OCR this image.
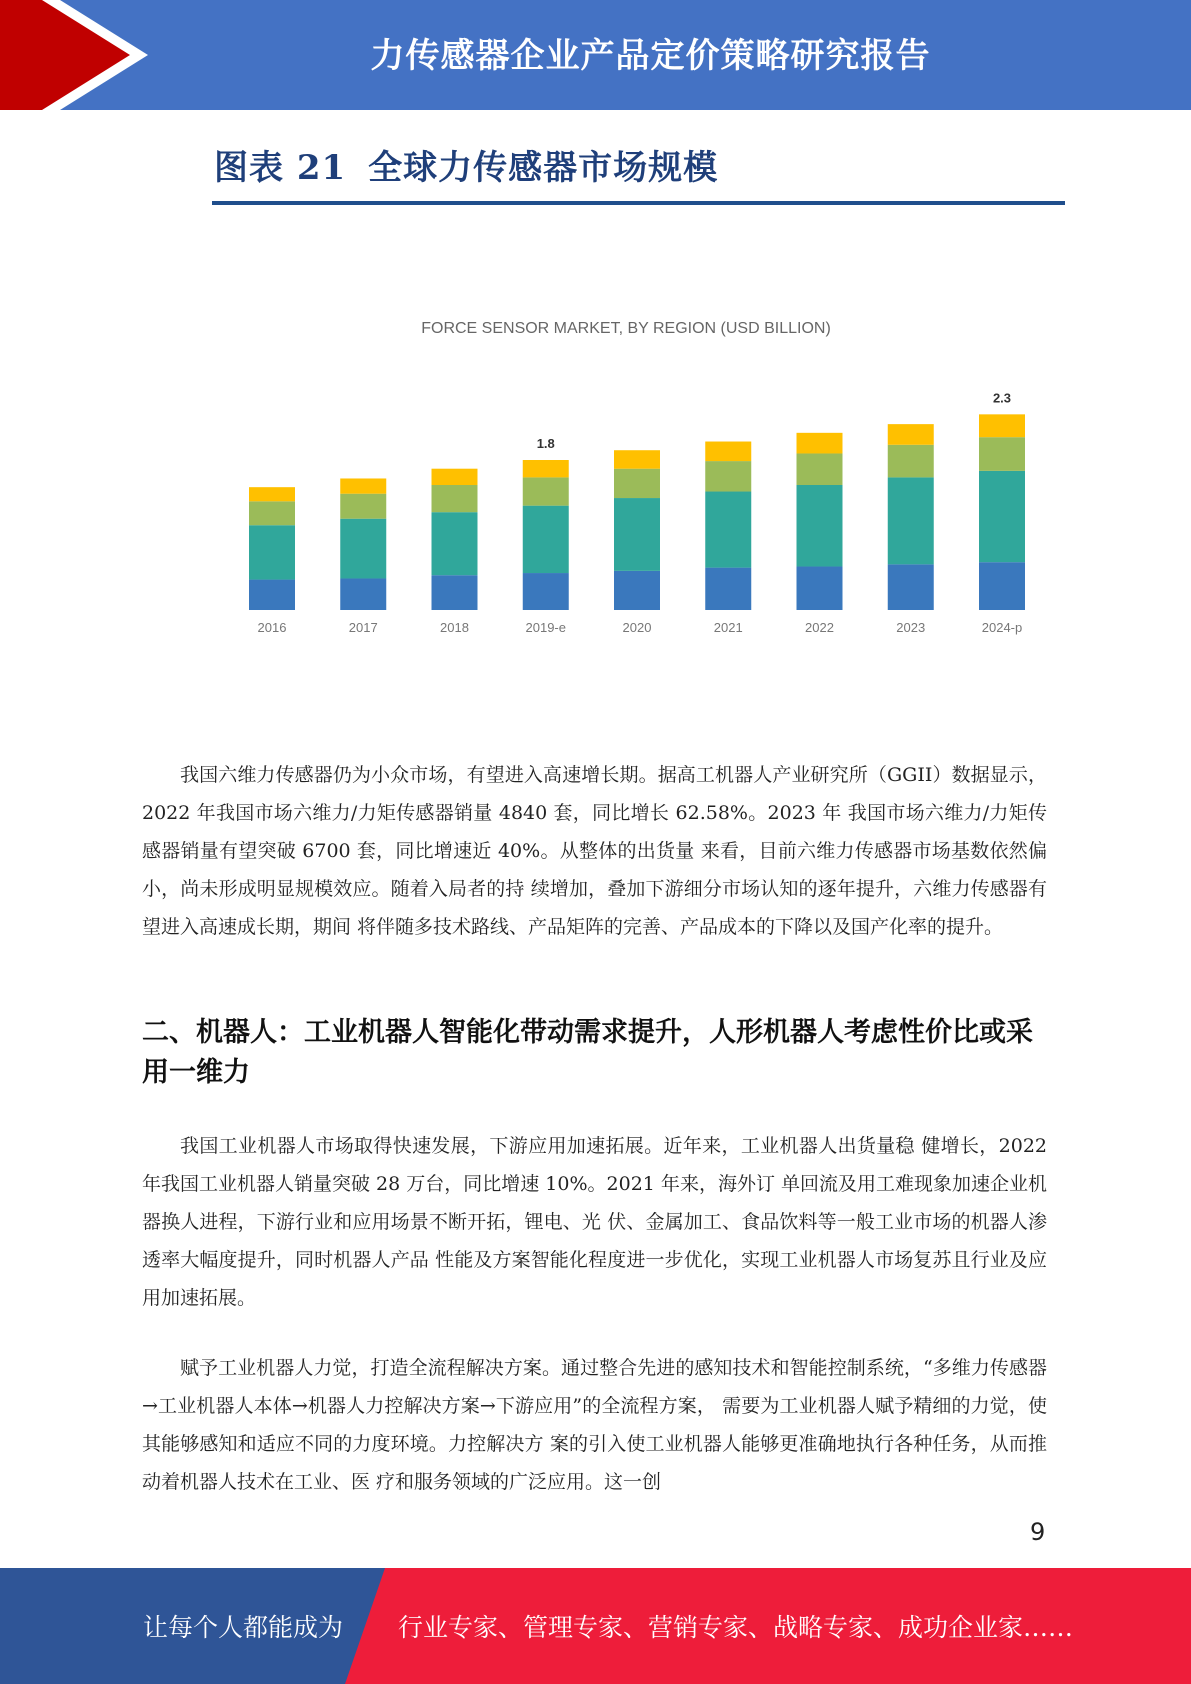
力传感器企业产品定价策略研究报告
图表 21 全球力传感器市场规模
FORCE SENSOR MARKET, BY REGION (USD BILLION)
2016	2017	2018	2019-e	2020	2021	2022	2023	2024-p
1.8
2.3

我国六维力传感器仍为小众市场，有望进入高速增长期。据高工机器人产业研究所（GGII）数据显示，2022 年我国市场六维力/力矩传感器销量 4840 套，同比增长 62.58%。2023 年 我国市场六维力/力矩传感器销量有望突破 6700 套，同比增速近 40%。从整体的出货量 来看，目前六维力传感器市场基数依然偏小，尚未形成明显规模效应。随着入局者的持 续增加，叠加下游细分市场认知的逐年提升，六维力传感器有望进入高速成长期，期间 将伴随多技术路线、产品矩阵的完善、产品成本的下降以及国产化率的提升。

二、机器人：工业机器人智能化带动需求提升，人形机器人考虑性价比或采用一维力

我国工业机器人市场取得快速发展，下游应用加速拓展。近年来，工业机器人出货量稳 健增长，2022 年我国工业机器人销量突破 28 万台，同比增速 10%。2021 年来，海外订 单回流及用工难现象加速企业机器换人进程，下游行业和应用场景不断开拓，锂电、光 伏、金属加工、食品饮料等一般工业市场的机器人渗透率大幅度提升，同时机器人产品 性能及方案智能化程度进一步优化，实现工业机器人市场复苏且行业及应用加速拓展。

赋予工业机器人力觉，打造全流程解决方案。通过整合先进的感知技术和智能控制系统，“多维力传感器→工业机器人本体→机器人力控解决方案→下游应用”的全流程方案， 需要为工业机器人赋予精细的力觉，使其能够感知和适应不同的力度环境。力控解决方 案的引入使工业机器人能够更准确地执行各种任务，从而推动着机器人技术在工业、医 疗和服务领域的广泛应用。这一创

9
让每个人都能成为 行业专家、管理专家、营销专家、战略专家、成功企业家……
